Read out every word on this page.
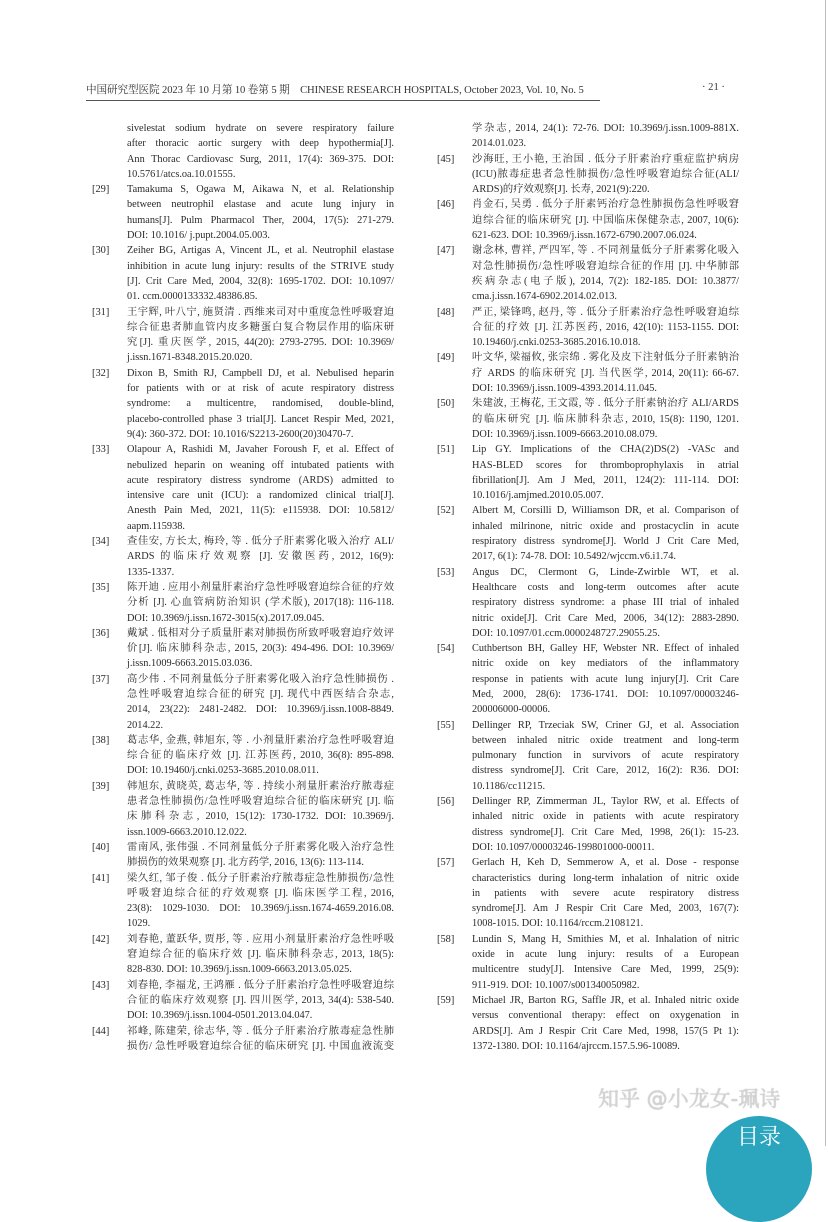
中国研究型医院 2023 年 10 月第 10 卷第 5 期　CHINESE RESEARCH HOSPITALS, October 2023, Vol. 10, No. 5	· 21 ·
sivelestat sodium hydrate on severe respiratory failure
after thoracic aortic surgery with deep hypothermia[J].
Ann Thorac Cardiovasc Surg, 2011, 17(4): 369-375. DOI:
10.5761/atcs.oa.10.01555.
[29]	Tamakuma S, Ogawa M, Aikawa N, et al. Relationship
between neutrophil elastase and acute lung injury in
humans[J]. Pulm Pharmacol Ther, 2004, 17(5): 271-279.
DOI: 10.1016/ j.pupt.2004.05.003.
[30]	Zeiher BG, Artigas A, Vincent JL, et al. Neutrophil elastase
inhibition in acute lung injury: results of the STRIVE study
[J]. Crit Care Med, 2004, 32(8): 1695-1702. DOI: 10.1097/
01. ccm.0000133332.48386.85.
[31]	王宇辉, 叶八宁, 施贤清 . 西维来司对中重度急性呼吸窘迫
综合征患者肺血管内皮多糖蛋白复合物层作用的临床研
究[J]. 重庆医学, 2015, 44(20): 2793-2795. DOI: 10.3969/
j.issn.1671-8348.2015.20.020.
[32]	Dixon B, Smith RJ, Campbell DJ, et al. Nebulised heparin
for patients with or at risk of acute respiratory distress
syndrome: a multicentre, randomised, double-blind,
placebo-controlled phase 3 trial[J]. Lancet Respir Med, 2021,
9(4): 360-372. DOI: 10.1016/S2213-2600(20)30470-7.
[33]	Olapour A, Rashidi M, Javaher Foroush F, et al. Effect of
nebulized heparin on weaning off intubated patients with
acute respiratory distress syndrome (ARDS) admitted to
intensive care unit (ICU): a randomized clinical trial[J].
Anesth Pain Med, 2021, 11(5): e115938. DOI: 10.5812/
aapm.115938.
[34]	查佳安, 方长太, 梅玲, 等 . 低分子肝素雾化吸入治疗 ALI/
ARDS 的临床疗效观察 [J]. 安徽医药, 2012, 16(9):
1335-1337.
[35]	陈开迪 . 应用小剂量肝素治疗急性呼吸窘迫综合征的疗效
分析 [J]. 心血管病防治知识 (学术版), 2017(18): 116-118.
DOI: 10.3969/j.issn.1672-3015(x).2017.09.045.
[36]	戴斌 . 低相对分子质量肝素对肺损伤所致呼吸窘迫疗效评
价[J]. 临床肺科杂志, 2015, 20(3): 494-496. DOI: 10.3969/
j.issn.1009-6663.2015.03.036.
[37]	高少伟 . 不同剂量低分子肝素雾化吸入治疗急性肺损伤 .
急性呼吸窘迫综合征的研究 [J]. 现代中西医结合杂志,
2014, 23(22): 2481-2482. DOI: 10.3969/j.issn.1008-8849.
2014.22.
[38]	葛志华, 金燕, 韩旭东, 等 . 小剂量肝素治疗急性呼吸窘迫
综合征的临床疗效 [J]. 江苏医药, 2010, 36(8): 895-898.
DOI: 10.19460/j.cnki.0253-3685.2010.08.011.
[39]	韩旭东, 黄晓英, 葛志华, 等 . 持续小剂量肝素治疗脓毒症
患者急性肺损伤/急性呼吸窘迫综合征的临床研究 [J]. 临
床肺科杂志, 2010, 15(12): 1730-1732. DOI: 10.3969/j.
issn.1009-6663.2010.12.022.
[40]	雷南风, 张伟强 . 不同剂量低分子肝素雾化吸入治疗急性
肺损伤的效果观察 [J]. 北方药学, 2016, 13(6): 113-114.
[41]	梁久红, 邹子俊 . 低分子肝素治疗脓毒症急性肺损伤/急性
呼吸窘迫综合征的疗效观察 [J]. 临床医学工程, 2016,
23(8): 1029-1030. DOI: 10.3969/j.issn.1674-4659.2016.08.
1029.
[42]	刘春艳, 董跃华, 贾彤, 等 . 应用小剂量肝素治疗急性呼吸
窘迫综合征的临床疗效 [J]. 临床肺科杂志, 2013, 18(5):
828-830. DOI: 10.3969/j.issn.1009-6663.2013.05.025.
[43]	刘春艳, 李福龙, 王鸿雁 . 低分子肝素治疗急性呼吸窘迫综
合征的临床疗效观察 [J]. 四川医学, 2013, 34(4): 538-540.
DOI: 10.3969/j.issn.1004-0501.2013.04.047.
[44]	祁峰, 陈建荣, 徐志华, 等 . 低分子肝素治疗脓毒症急性肺
损伤/ 急性呼吸窘迫综合征的临床研究 [J]. 中国血液流变
学杂志, 2014, 24(1): 72-76. DOI: 10.3969/j.issn.1009-881X.
2014.01.023.
[45]	沙海旺, 王小艳, 王治国 . 低分子肝素治疗重症监护病房
(ICU)脓毒症患者急性肺损伤/急性呼吸窘迫综合征(ALI/
ARDS)的疗效观察[J]. 长寿, 2021(9):220.
[46]	肖金石, 吴勇 . 低分子肝素钙治疗急性肺损伤急性呼吸窘
迫综合征的临床研究 [J]. 中国临床保健杂志, 2007, 10(6):
621-623. DOI: 10.3969/j.issn.1672-6790.2007.06.024.
[47]	谢念林, 曹祥, 严四军, 等 . 不同剂量低分子肝素雾化吸入
对急性肺损伤/急性呼吸窘迫综合征的作用 [J]. 中华肺部
疾病杂志(电子版), 2014, 7(2): 182-185. DOI: 10.3877/
cma.j.issn.1674-6902.2014.02.013.
[48]	严正, 梁锋鸣, 赵丹, 等 . 低分子肝素治疗急性呼吸窘迫综
合征的疗效 [J]. 江苏医药, 2016, 42(10): 1153-1155. DOI:
10.19460/j.cnki.0253-3685.2016.10.018.
[49]	叶文华, 梁福攸, 张宗绵 . 雾化及皮下注射低分子肝素钠治
疗 ARDS 的临床研究 [J]. 当代医学, 2014, 20(11): 66-67.
DOI: 10.3969/j.issn.1009-4393.2014.11.045.
[50]	朱建波, 王梅花, 王文霞, 等 . 低分子肝素钠治疗 ALI/ARDS
的临床研究 [J]. 临床肺科杂志, 2010, 15(8): 1190, 1201.
DOI: 10.3969/j.issn.1009-6663.2010.08.079.
[51]	Lip GY. Implications of the CHA(2)DS(2) -VASc and
HAS-BLED scores for thromboprophylaxis in atrial
fibrillation[J]. Am J Med, 2011, 124(2): 111-114. DOI:
10.1016/j.amjmed.2010.05.007.
[52]	Albert M, Corsilli D, Williamson DR, et al. Comparison of
inhaled milrinone, nitric oxide and prostacyclin in acute
respiratory distress syndrome[J]. World J Crit Care Med,
2017, 6(1): 74-78. DOI: 10.5492/wjccm.v6.i1.74.
[53]	Angus DC, Clermont G, Linde-Zwirble WT, et al.
Healthcare costs and long-term outcomes after acute
respiratory distress syndrome: a phase III trial of inhaled
nitric oxide[J]. Crit Care Med, 2006, 34(12): 2883-2890.
DOI: 10.1097/01.ccm.0000248727.29055.25.
[54]	Cuthbertson BH, Galley HF, Webster NR. Effect of inhaled
nitric oxide on key mediators of the inflammatory
response in patients with acute lung injury[J]. Crit Care
Med, 2000, 28(6): 1736-1741. DOI: 10.1097/00003246-
200006000-00006.
[55]	Dellinger RP, Trzeciak SW, Criner GJ, et al. Association
between inhaled nitric oxide treatment and long-term
pulmonary function in survivors of acute respiratory
distress syndrome[J]. Crit Care, 2012, 16(2): R36. DOI:
10.1186/cc11215.
[56]	Dellinger RP, Zimmerman JL, Taylor RW, et al. Effects of
inhaled nitric oxide in patients with acute respiratory
distress syndrome[J]. Crit Care Med, 1998, 26(1): 15-23.
DOI: 10.1097/00003246-199801000-00011.
[57]	Gerlach H, Keh D, Semmerow A, et al. Dose - response
characteristics during long-term inhalation of nitric oxide
in patients with severe acute respiratory distress
syndrome[J]. Am J Respir Crit Care Med, 2003, 167(7):
1008-1015. DOI: 10.1164/rccm.2108121.
[58]	Lundin S, Mang H, Smithies M, et al. Inhalation of nitric
oxide in acute lung injury: results of a European
multicentre study[J]. Intensive Care Med, 1999, 25(9):
911-919. DOI: 10.1007/s001340050982.
[59]	Michael JR, Barton RG, Saffle JR, et al. Inhaled nitric oxide
versus conventional therapy: effect on oxygenation in
ARDS[J]. Am J Respir Crit Care Med, 1998, 157(5 Pt 1):
1372-1380. DOI: 10.1164/ajrccm.157.5.96-10089.
目录
知乎 @小龙女-珮诗
